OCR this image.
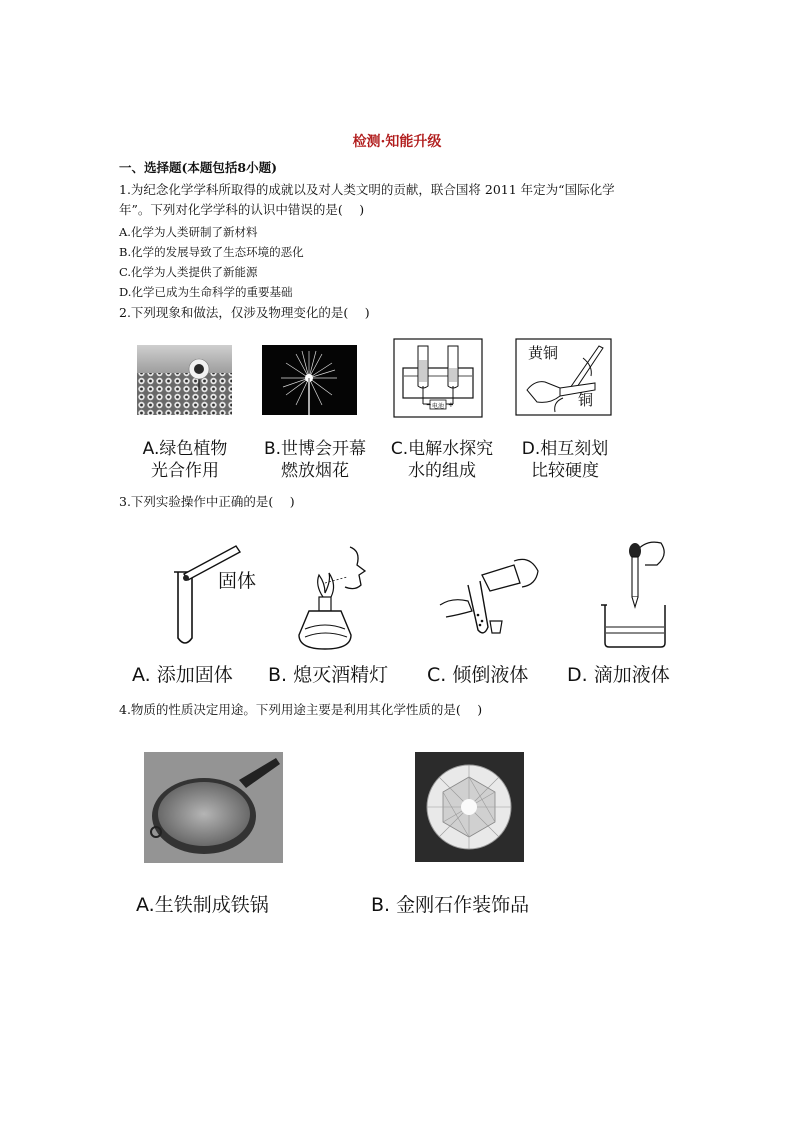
检测·知能升级
一、选择题(本题包括8小题)
1.为纪念化学学科所取得的成就以及对人类文明的贡献，联合国将 2011 年定为“国际化学
年”。下列对化学学科的认识中错误的是(　 )
A.化学为人类研制了新材料
B.化学的发展导致了生态环境的恶化
C.化学为人类提供了新能源
D.化学已成为生命科学的重要基础
2.下列现象和做法，仅涉及物理变化的是(　 )
电池
− +
黄铜
铜
A.绿色植物
光合作用
B.世博会开幕
燃放烟花
C.电解水探究
水的组成
D.相互刻划
比较硬度
3.下列实验操作中正确的是(　 )
固体
A. 添加固体 B. 熄灭酒精灯 C. 倾倒液体 D. 滴加液体
4.物质的性质决定用途。下列用途主要是利用其化学性质的是(　 )
A.生铁制成铁锅	B. 金刚石作装饰品
